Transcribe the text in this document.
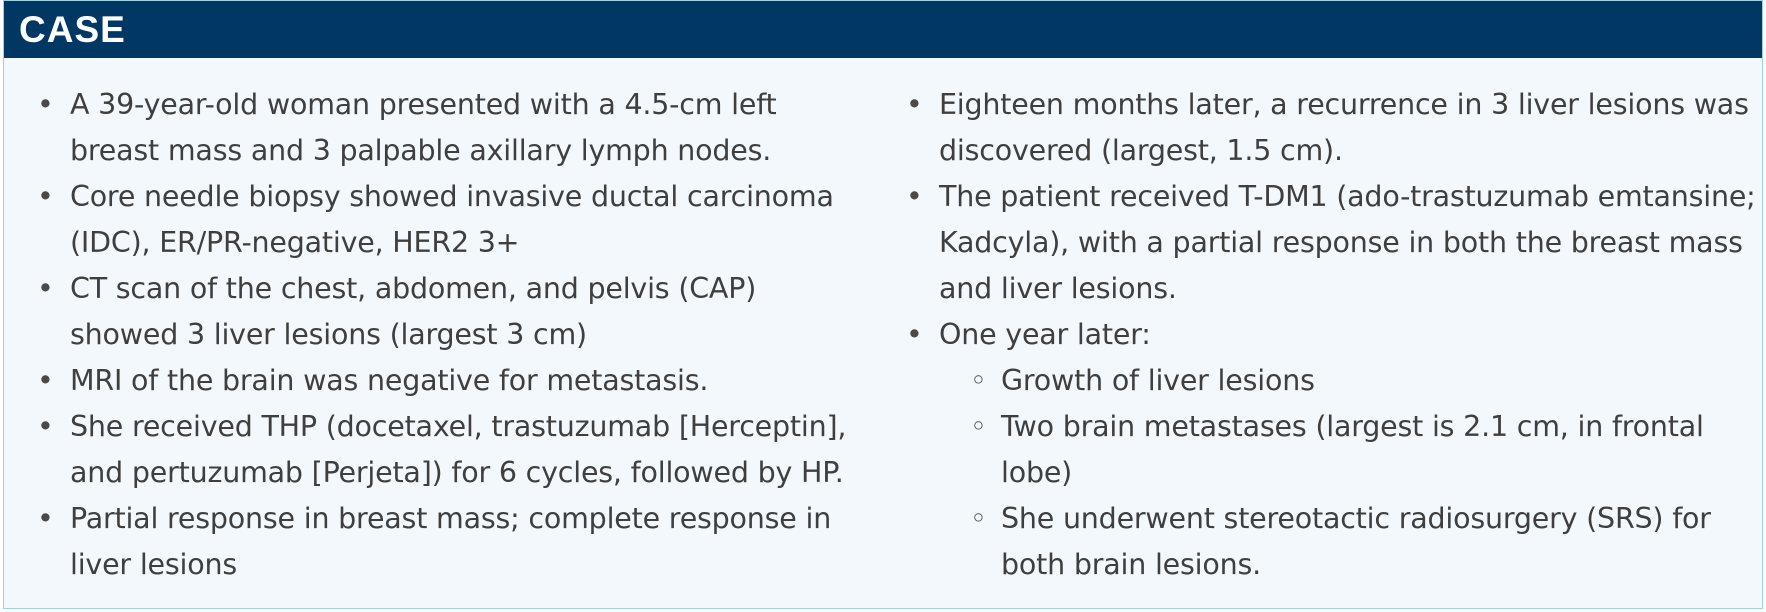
CASE
• A 39-year-old woman presented with a 4.5-cm left breast mass and 3 palpable axillary lymph nodes.
• Core needle biopsy showed invasive ductal carcinoma (IDC), ER/PR-negative, HER2 3+
• CT scan of the chest, abdomen, and pelvis (CAP) showed 3 liver lesions (largest 3 cm)
• MRI of the brain was negative for metastasis.
• She received THP (docetaxel, trastuzumab [Herceptin], and pertuzumab [Perjeta]) for 6 cycles, followed by HP.
• Partial response in breast mass; complete response in liver lesions
• Eighteen months later, a recurrence in 3 liver lesions was discovered (largest, 1.5 cm).
• The patient received T-DM1 (ado-trastuzumab emtansine; Kadcyla), with a partial response in both the breast mass and liver lesions.
• One year later:
◦ Growth of liver lesions
◦ Two brain metastases (largest is 2.1 cm, in frontal lobe)
◦ She underwent stereotactic radiosurgery (SRS) for both brain lesions.
